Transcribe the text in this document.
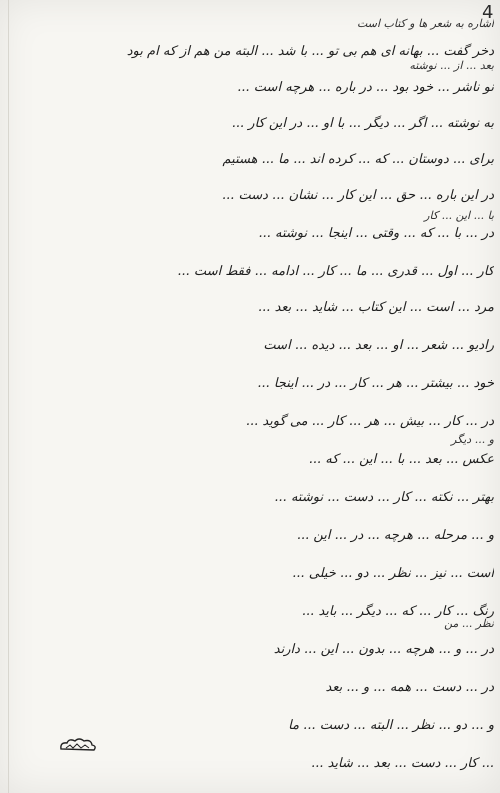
4
اشاره به شعر ها و کتاب است
دخر گفت ... بهانه ای هم بی تو ... با شد ... البته من هم از که ام بود
نو ناشر ... خود بود ... در باره ... هرچه است ...
به نوشته ... اگر ... دیگر ... با او ... در این کار ...
برای ... دوستان ... که ... کرده اند ... ما ... هستیم
در این باره ... حق ... این کار ... نشان ... دست ...
در ... با ... که ... وقتی ... اینجا ... نوشته ...
کار ... اول ... قدری ... ما ... کار ... ادامه ... فقط است ...
مرد ... است ... این کتاب ... شاید ... بعد ...
رادیو ... شعر ... او ... بعد ... دیده ... است
خود ... بیشتر ... هر ... کار ... در ... اینجا ...
در ... کار ... بیش ... هر ... کار ... می گوید ...
عکس ... بعد ... با ... این ... که ...
بهتر ... نکته ... کار ... دست ... نوشته ...
و ... مرحله ... هرچه ... در ... این ...
است ... نیز ... نظر ... دو ... خیلی ...
رنگ ... کار ... که ... دیگر ... باید ...
در ... و ... هرچه ... بدون ... این ... دارند
در ... دست ... همه ... و ... بعد
و ... دو ... نظر ... البته ... دست ... ما
... کار ... دست ... بعد ... شاید ...
بعد ... از ... نوشته
با ... این ... کار
و ... دیگر
نظر ... من
